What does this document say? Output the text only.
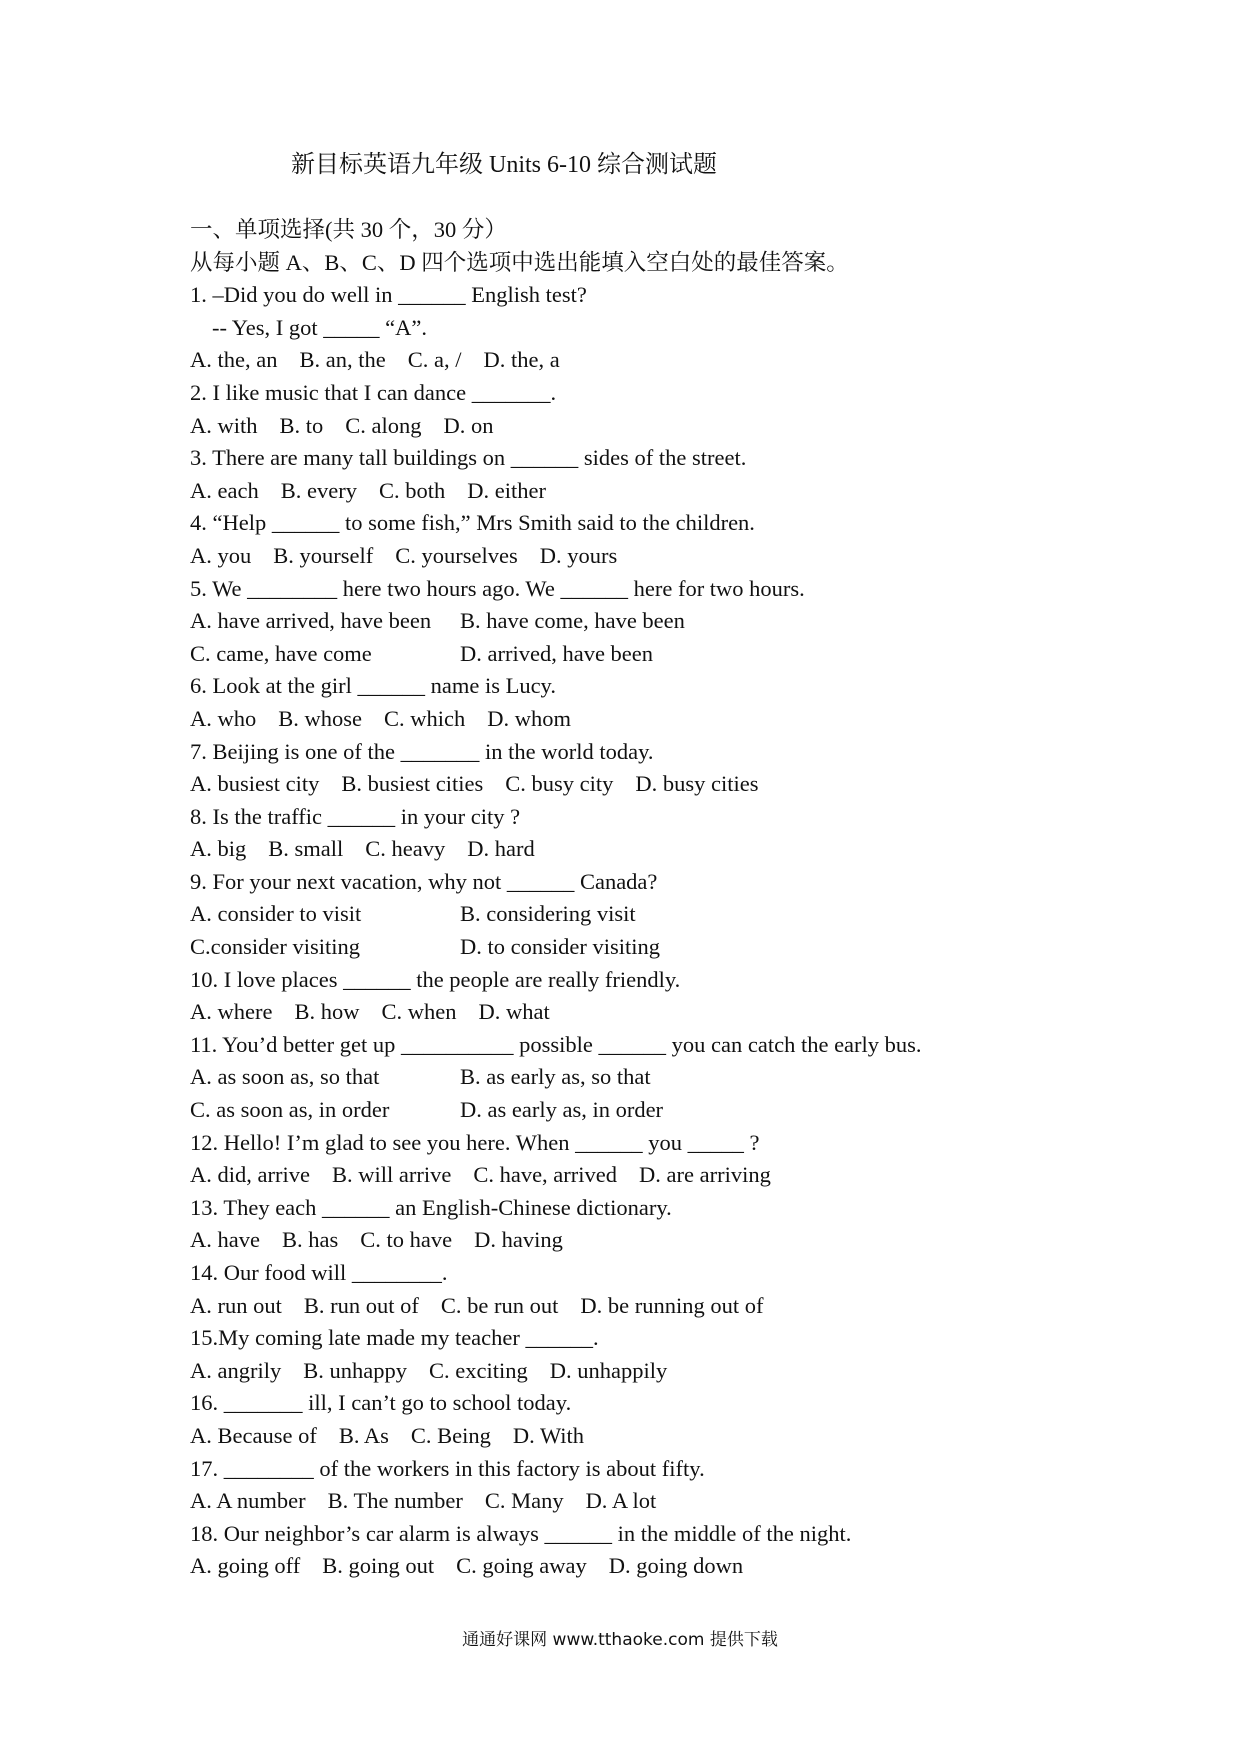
新目标英语九年级 Units 6-10 综合测试题
一、单项选择(共 30 个，30 分）
从每小题 A、B、C、D 四个选项中选出能填入空白处的最佳答案。
1. –Did you do well in ______ English test?
-- Yes, I got _____ “A”.
A. the, an B. an, the C. a, / D. the, a
2. I like music that I can dance _______.
A. with B. to C. along D. on
3. There are many tall buildings on ______ sides of the street.
A. each B. every C. both D. either
4. “Help ______ to some fish,” Mrs Smith said to the children.
A. you B. yourself C. yourselves D. yours
5. We ________ here two hours ago. We ______ here for two hours.
A. have arrived, have been B. have come, have been
C. came, have come	D. arrived, have been
6. Look at the girl ______ name is Lucy.
A. who B. whose C. which D. whom
7. Beijing is one of the _______ in the world today.
A. busiest city B. busiest cities C. busy city D. busy cities
8. Is the traffic ______ in your city ?
A. big B. small C. heavy D. hard
9. For your next vacation, why not ______ Canada?
A. consider to visit	B. considering visit
C.consider visiting	D. to consider visiting
10. I love places ______ the people are really friendly.
A. where B. how C. when D. what
11. You’d better get up __________ possible ______ you can catch the early bus.
A. as soon as, so that	B. as early as, so that
C. as soon as, in order	D. as early as, in order
12. Hello! I’m glad to see you here. When ______ you _____ ?
A. did, arrive B. will arrive C. have, arrived D. are arriving
13. They each ______ an English-Chinese dictionary.
A. have B. has C. to have D. having
14. Our food will ________.
A. run out B. run out of C. be run out D. be running out of
15.My coming late made my teacher ______.
A. angrily B. unhappy C. exciting D. unhappily
16. _______ ill, I can’t go to school today.
A. Because of B. As C. Being D. With
17. ________ of the workers in this factory is about fifty.
A. A number B. The number C. Many D. A lot
18. Our neighbor’s car alarm is always ______ in the middle of the night.
A. going off B. going out C. going away D. going down
通通好课网 www.tthaoke.com 提供下载
